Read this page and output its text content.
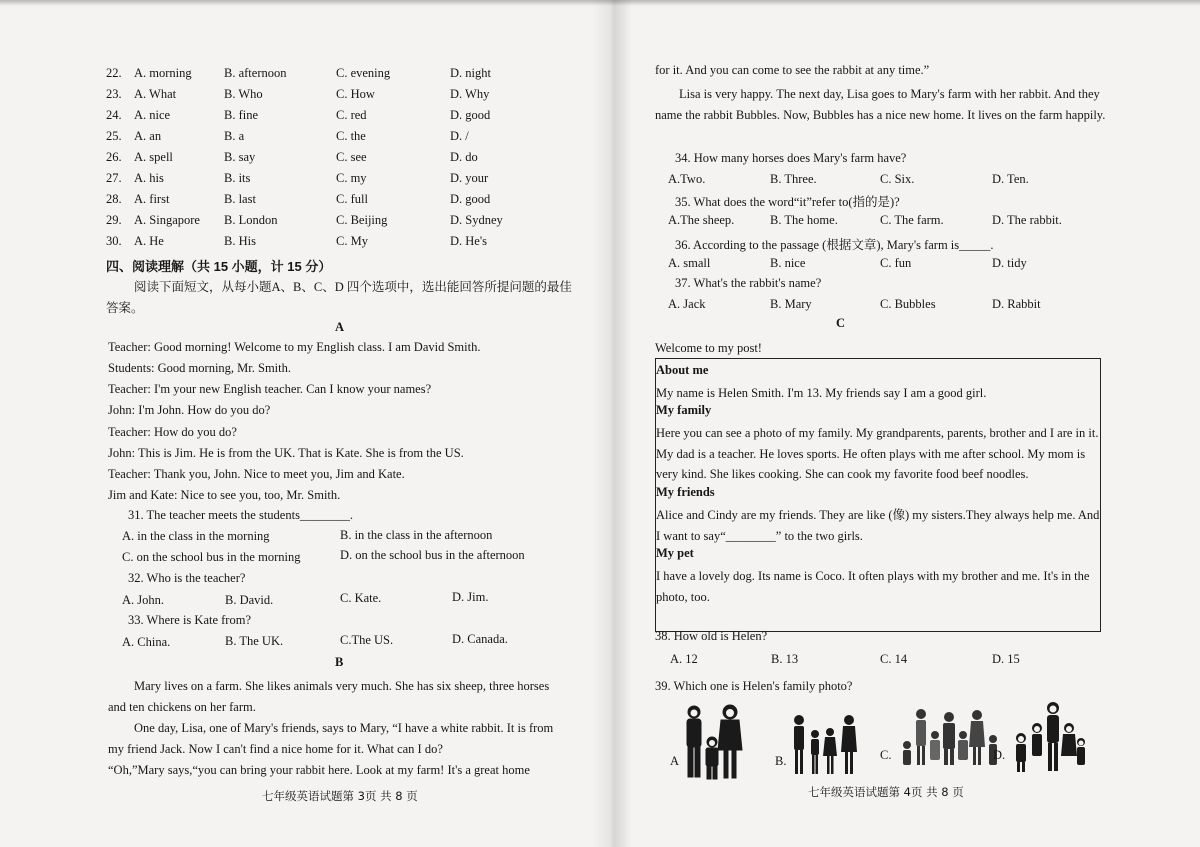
22. A. morning	B. afternoon	C. evening	D. night
23. A. What	B. Who	C. How	D. Why
24. A. nice	B. fine	C. red	D. good
25. A. an	B. a	C. the	D. /
26. A. spell	B. say	C. see	D. do
27. A. his	B. its	C. my	D. your
28. A. first	B. last	C. full	D. good
29. A. Singapore B. London	C. Beijing	D. Sydney
30. A. He	B. His	C. My	D. He's
四、阅读理解（共 15 小题，计 15 分）
阅读下面短文，从每小题A、B、C、D 四个选项中，选出能回答所提问题的最佳答案。
A
Teacher: Good morning! Welcome to my English class. I am David Smith.
Students: Good morning, Mr. Smith.
Teacher: I'm your new English teacher. Can I know your names?
John: I'm John. How do you do?
Teacher: How do you do?
John: This is Jim. He is from the UK. That is Kate. She is from the US.
Teacher: Thank you, John. Nice to meet you, Jim and Kate.
Jim and Kate: Nice to see you, too, Mr. Smith.
31. The teacher meets the students________.
A. in the class in the morning	B. in the class in the afternoon
C. on the school bus in the morning	D. on the school bus in the afternoon
32. Who is the teacher?
A. John.	B. David.	C. Kate.	D. Jim.
33. Where is Kate from?
A. China.	B. The UK.	C.The US.	D. Canada.
B
Mary lives on a farm. She likes animals very much. She has six sheep, three horses and ten chickens on her farm.
One day, Lisa, one of Mary's friends, says to Mary, “I have a white rabbit. It is from my friend Jack. Now I can't find a nice home for it. What can I do?
“Oh,”Mary says,“you can bring your rabbit here. Look at my farm! It's a great home
七年级英语试题第 3页 共 8 页
for it. And you can come to see the rabbit at any time.”
Lisa is very happy. The next day, Lisa goes to Mary's farm with her rabbit. And they name the rabbit Bubbles. Now, Bubbles has a nice new home. It lives on the farm happily.
34. How many horses does Mary's farm have?
A.Two.	B. Three.	C. Six.	D. Ten.
35. What does the word“it”refer to(指的是)?
A.The sheep.	B. The home.	C. The farm.	D. The rabbit.
36. According to the passage (根据文章), Mary's farm is_____.
A. small	B. nice	C. fun	D. tidy
37. What's the rabbit's name?
A. Jack	B. Mary	C. Bubbles	D. Rabbit
C
Welcome to my post!
About me
My name is Helen Smith. I'm 13. My friends say I am a good girl.
My family
Here you can see a photo of my family. My grandparents, parents, brother and I are in it. My dad is a teacher. He loves sports. He often plays with me after school. My mom is very kind. She likes cooking. She can cook my favorite food beef noodles.
My friends
Alice and Cindy are my friends. They are like (像) my sisters.They always help me. And I want to say“________” to the two girls.
My pet
I have a lovely dog. Its name is Coco. It often plays with my brother and me. It's in the photo, too.
38. How old is Helen?
A. 12	B. 13	C. 14	D. 15
39. Which one is Helen's family photo?
A	B.	C.	D.
七年级英语试题第 4页 共 8 页
